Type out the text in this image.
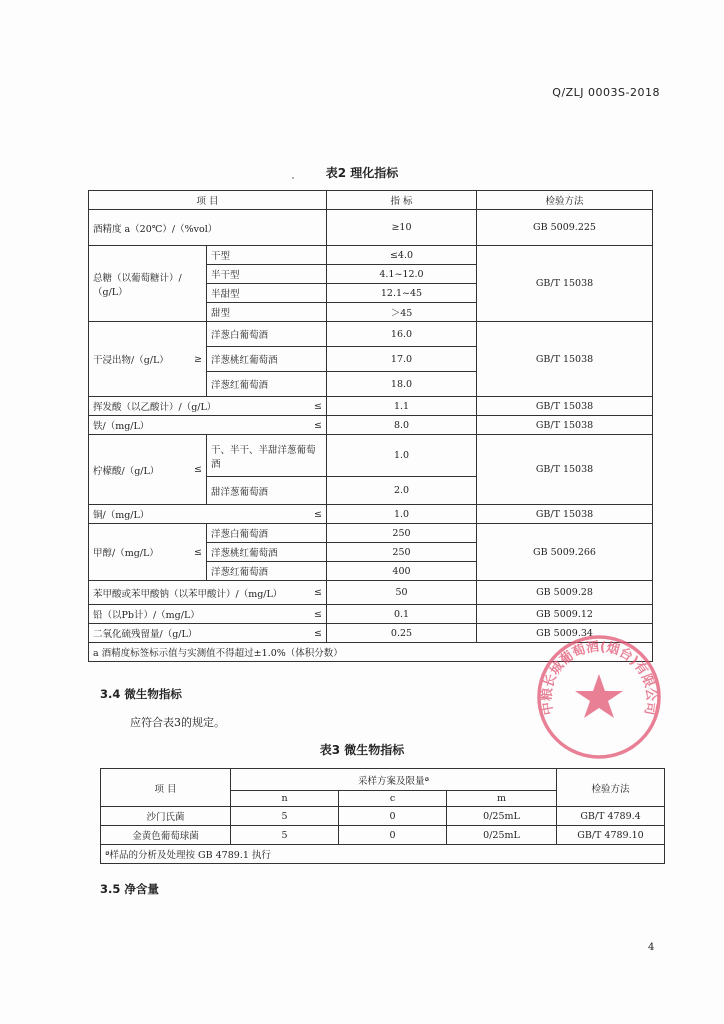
Q/ZLJ 0003S-2018
表2 理化指标
项 目		指 标	检验方法
酒精度 a（20℃）/（%vol）		≥10	GB 5009.225
总糖（以葡萄糖计）/（g/L）	干型	≤4.0	GB/T 15038
	半干型	4.1~12.0	
	半甜型	12.1~45	
	甜型	＞45	

干浸出物/（g/L） ≥	洋葱白葡萄酒	16.0	GB/T 15038
	洋葱桃红葡萄酒	17.0	
	洋葱红葡萄酒	18.0	

挥发酸（以乙酸计）/（g/L） ≤		1.1	GB/T 15038

铁/（mg/L） ≤		8.0	GB/T 15038

柠檬酸/（g/L） ≤	干、半干、半甜洋葱葡萄酒	1.0	GB/T 15038
	甜洋葱葡萄酒	2.0	

铜/（mg/L） ≤		1.0	GB/T 15038

甲醇/（mg/L） ≤	洋葱白葡萄酒	250	GB 5009.266
	洋葱桃红葡萄酒	250	
	洋葱红葡萄酒	400	

苯甲酸或苯甲酸钠（以苯甲酸计）/（mg/L） ≤		50	GB 5009.28

铅（以Pb计）/（mg/L） ≤		0.1	GB 5009.12

二氧化硫残留量/（g/L） ≤		0.25	GB 5009.34
a 酒精度标签标示值与实测值不得超过±1.0%（体积分数）			
3.4 微生物指标
应符合表3的规定。
表3 微生物指标
项 目	采样方案及限量ª			检验方法
	n	c	m	
沙门氏菌	5	0	0/25mL	GB/T 4789.4
金黄色葡萄球菌	5	0	0/25mL	GB/T 4789.10
ª样品的分析及处理按 GB 4789.1 执行				
3.5 净含量
4
中粮长城葡萄酒(烟台)有限公司
